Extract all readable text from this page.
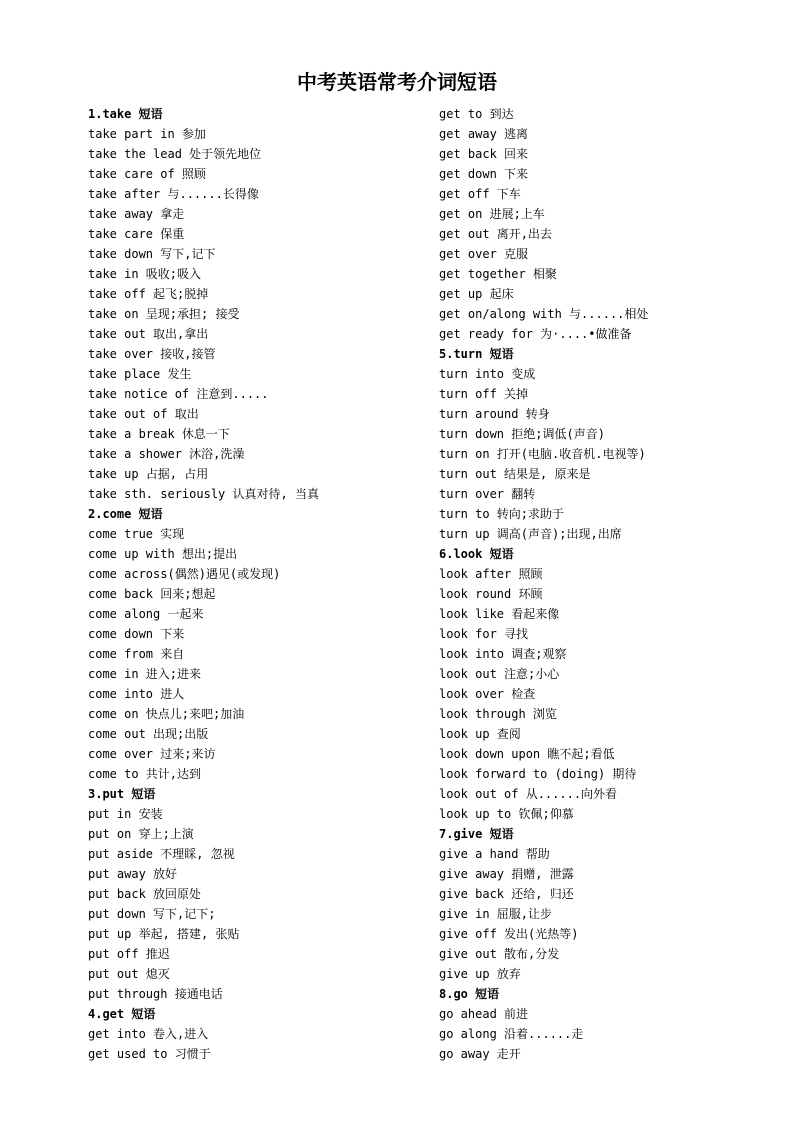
中考英语常考介词短语
1.take 短语
take part in 参加
take the lead 处于领先地位
take care of 照顾
take after 与......长得像
take away 拿走
take care 保重
take down 写下,记下
take in 吸收;吸入
take off 起飞;脱掉
take on 呈现;承担; 接受
take out 取出,拿出
take over 接收,接管
take place 发生
take notice of 注意到.....
take out of 取出
take a break 休息一下
take a shower 沐浴,洗澡
take up 占据, 占用
take sth. seriously 认真对待, 当真
2.come 短语
come true 实现
come up with 想出;提出
come across(偶然)遇见(或发现)
come back 回来;想起
come along 一起来
come down 下来
come from 来自
come in 进入;进来
come into 进人
come on 快点儿;来吧;加油
come out 出现;出版
come over 过来;来访
come to 共计,达到
3.put 短语
put in 安装
put on 穿上;上演
put aside 不理睬, 忽视
put away 放好
put back 放回原处
put down 写下,记下;
put up 举起, 搭建, 张贴
put off 推迟
put out 熄灭
put through 接通电话
4.get 短语
get into 卷入,进入
get used to 习惯于
get to 到达
get away 逃离
get back 回来
get down 下来
get off 下车
get on 进展;上车
get out 离开,出去
get over 克服
get together 相聚
get up 起床
get on/along with 与......相处
get ready for 为·....•做准备
5.turn 短语
turn into 变成
turn off 关掉
turn around 转身
turn down 拒绝;调低(声音)
turn on 打开(电脑.收音机.电视等)
turn out 结果是, 原来是
turn over 翻转
turn to 转向;求助于
turn up 调高(声音);出现,出席
6.look 短语
look after 照顾
look round 环顾
look like 看起来像
look for 寻找
look into 调查;观察
look out 注意;小心
look over 检查
look through 浏览
look up 查阅
look down upon 瞧不起;看低
look forward to (doing) 期待
look out of 从......向外看
look up to 钦佩;仰慕
7.give 短语
give a hand 帮助
give away 捐赠, 泄露
give back 还给, 归还
give in 屈服,让步
give off 发出(光热等)
give out 散布,分发
give up 放弃
8.go 短语
go ahead 前进
go along 沿着......走
go away 走开
